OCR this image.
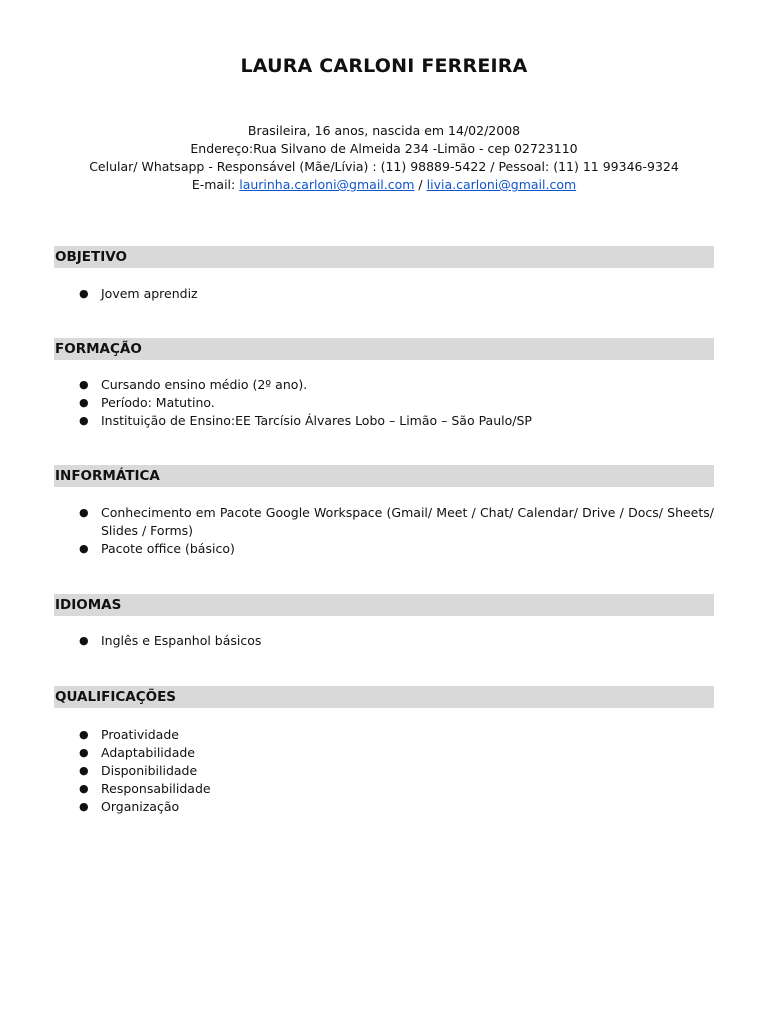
LAURA CARLONI FERREIRA
Brasileira, 16 anos, nascida em 14/02/2008
Endereço:Rua Silvano de Almeida 234 -Limão - cep 02723110
Celular/ Whatsapp - Responsável (Mãe/Lívia) : (11) 98889-5422 / Pessoal: (11) 11 99346-9324
E-mail: laurinha.carloni@gmail.com / livia.carloni@gmail.com
OBJETIVO
● Jovem aprendiz
FORMAÇÃO
● Cursando ensino médio (2º ano).
● Período: Matutino.
● Instituição de Ensino:EE Tarcísio Álvares Lobo – Limão – São Paulo/SP
INFORMÁTICA
● Conhecimento em Pacote Google Workspace (Gmail/ Meet / Chat/ Calendar/ Drive / Docs/ Sheets/ Slides / Forms)
● Pacote office (básico)
IDIOMAS
● Inglês e Espanhol básicos
QUALIFICAÇÕES
● Proatividade
● Adaptabilidade
● Disponibilidade
● Responsabilidade
● Organização
